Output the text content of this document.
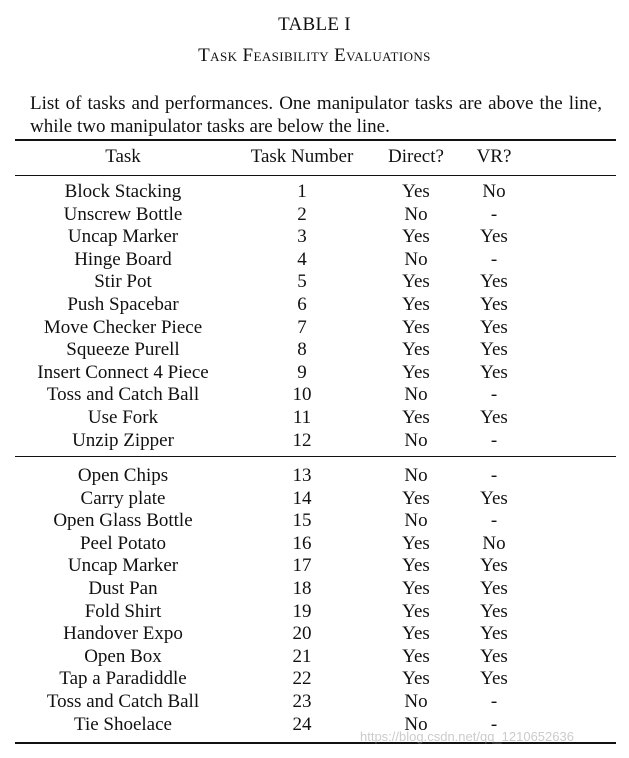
TABLE I
Task Feasibility Evaluations
List of tasks and performances. One manipulator tasks are above the line, while two manipulator tasks are below the line.
Task	Task Number	Direct?	VR?
Block Stacking	1	Yes	No
Unscrew Bottle	2	No	-
Uncap Marker	3	Yes	Yes
Hinge Board	4	No	-
Stir Pot	5	Yes	Yes
Push Spacebar	6	Yes	Yes
Move Checker Piece	7	Yes	Yes
Squeeze Purell	8	Yes	Yes
Insert Connect 4 Piece	9	Yes	Yes
Toss and Catch Ball	10	No	-
Use Fork	11	Yes	Yes
Unzip Zipper	12	No	-
Open Chips	13	No	-
Carry plate	14	Yes	Yes
Open Glass Bottle	15	No	-
Peel Potato	16	Yes	No
Uncap Marker	17	Yes	Yes
Dust Pan	18	Yes	Yes
Fold Shirt	19	Yes	Yes
Handover Expo	20	Yes	Yes
Open Box	21	Yes	Yes
Tap a Paradiddle	22	Yes	Yes
Toss and Catch Ball	23	No	-
Tie Shoelace	24	No	-
https://blog.csdn.net/qq_1210652636
